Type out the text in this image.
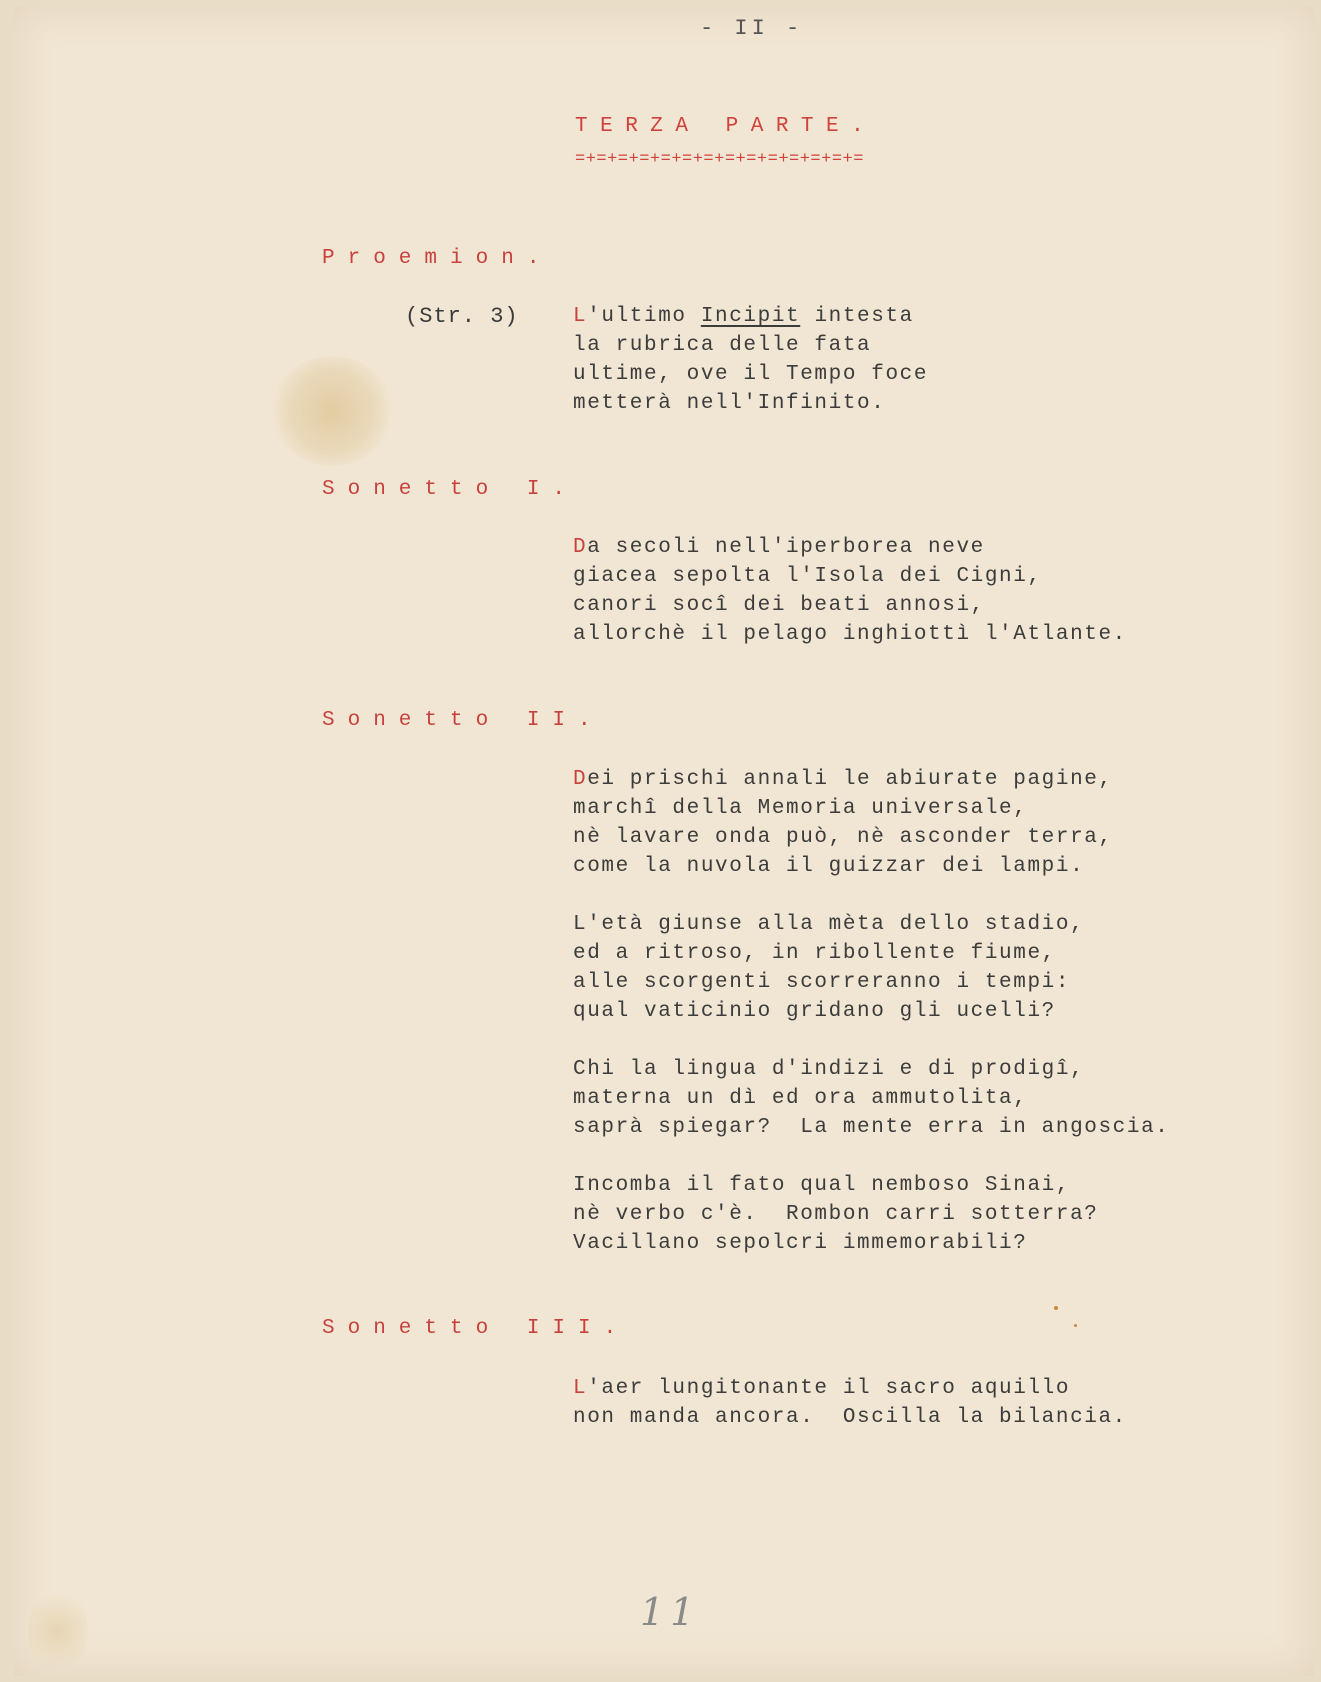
- II -

TERZA PARTE.

=+=+=+=+=+=+=+=+=+=+=+=+=+=

Proemion.

(Str. 3)	L'ultimo Incipit intesta
la rubrica delle fata
ultime, ove il Tempo foce
metterà nell'Infinito.

Sonetto I.

Da secoli nell'iperborea neve
giacea sepolta l'Isola dei Cigni,
canori socî dei beati annosi,
allorchè il pelago inghiottì l'Atlante.

Sonetto II.

Dei prischi annali le abiurate pagine,
marchî della Memoria universale,
nè lavare onda può, nè asconder terra,
come la nuvola il guizzar dei lampi.
L'età giunse alla mèta dello stadio,
ed a ritroso, in ribollente fiume,
alle scorgenti scorreranno i tempi:
qual vaticinio gridano gli ucelli?
Chi la lingua d'indizi e di prodigî,
materna un dì ed ora ammutolita,
saprà spiegar?  La mente erra in angoscia.
Incomba il fato qual nemboso Sinai,
nè verbo c'è.  Rombon carri sotterra?
Vacillano sepolcri immemorabili?

Sonetto III.

L'aer lungitonante il sacro aquillo
non manda ancora.  Oscilla la bilancia.
11
